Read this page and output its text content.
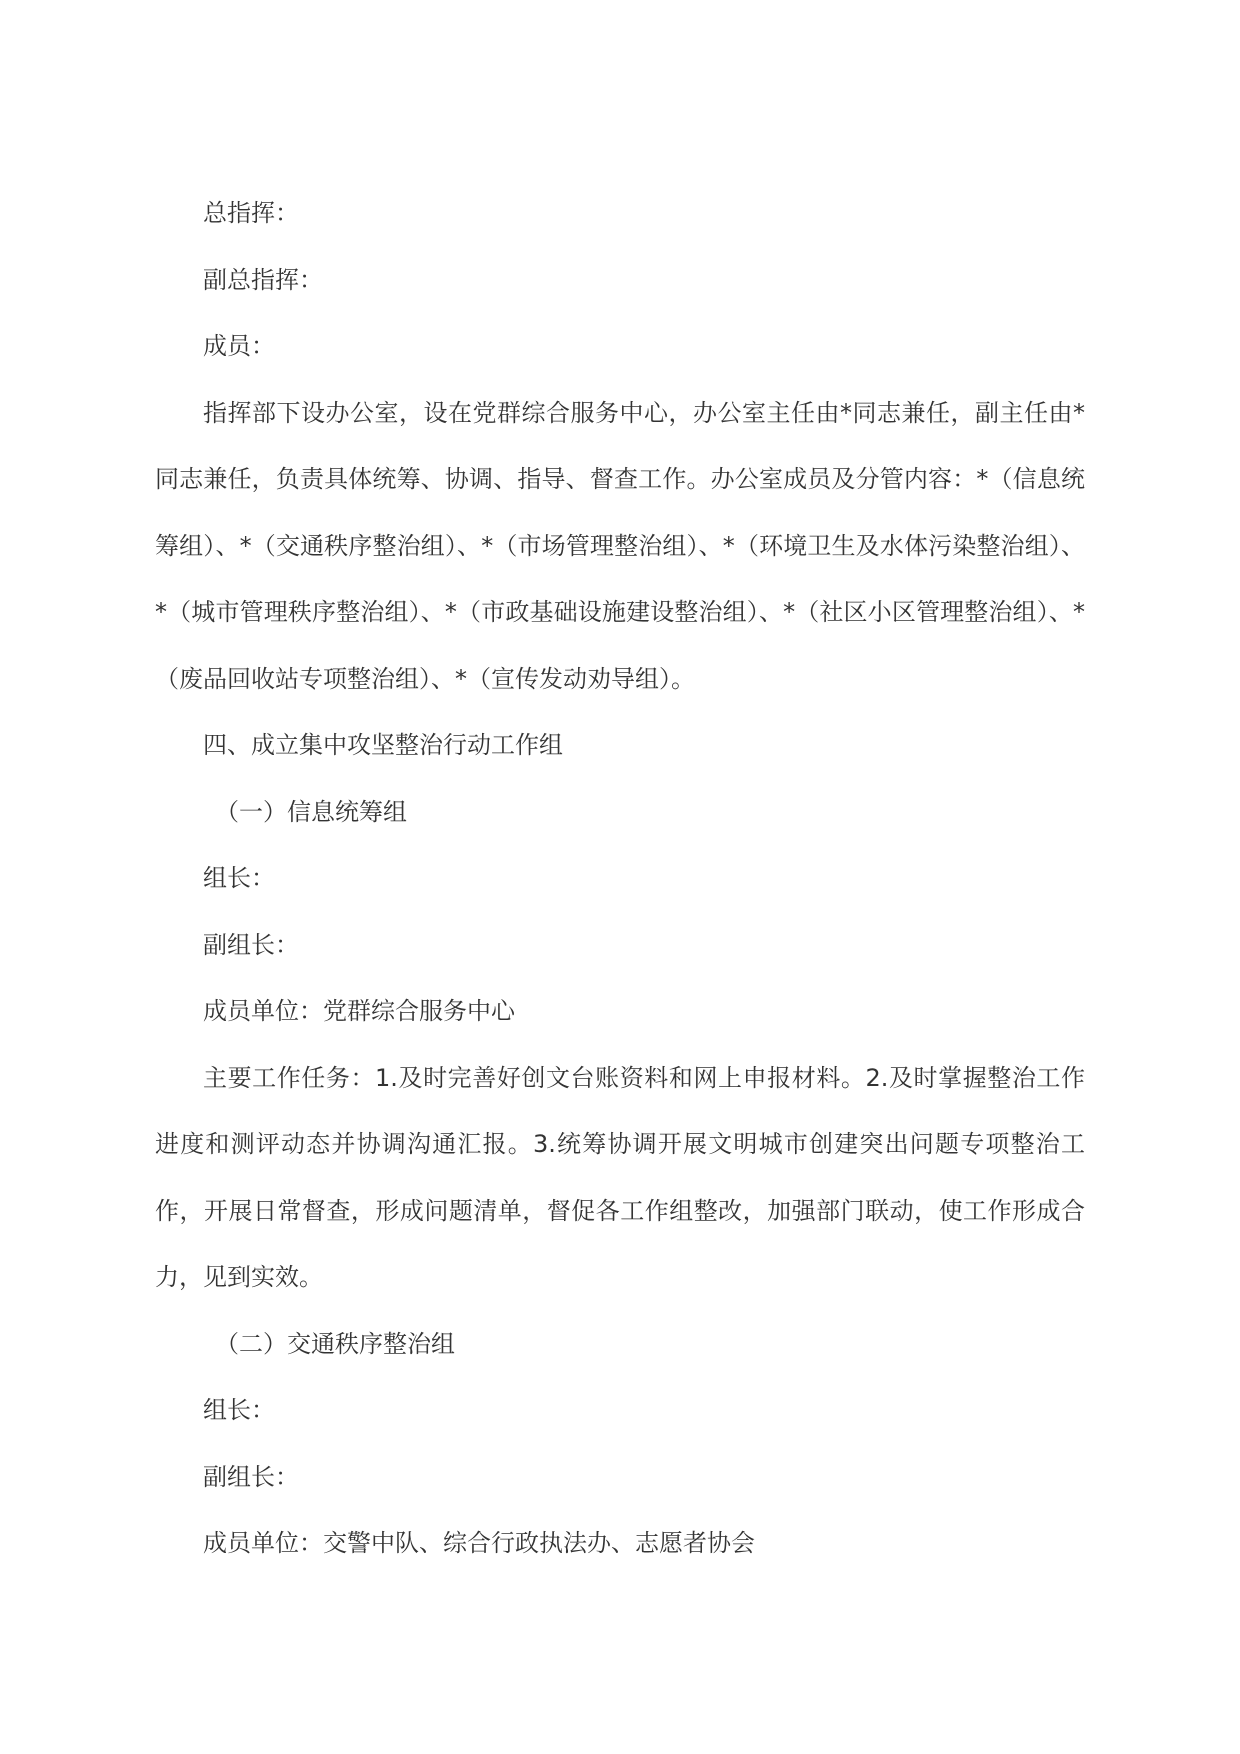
总指挥：

副总指挥：

成员：

指挥部下设办公室，设在党群综合服务中心，办公室主任由*同志兼任，副主任由*同志兼任，负责具体统筹、协调、指导、督查工作。办公室成员及分管内容：*（信息统筹组）、*（交通秩序整治组）、*（市场管理整治组）、*（环境卫生及水体污染整治组）、*（城市管理秩序整治组）、*（市政基础设施建设整治组）、*（社区小区管理整治组）、*（废品回收站专项整治组）、*（宣传发动劝导组）。

四、成立集中攻坚整治行动工作组

（一）信息统筹组

组长：

副组长：

成员单位：党群综合服务中心

主要工作任务：1.及时完善好创文台账资料和网上申报材料。2.及时掌握整治工作进度和测评动态并协调沟通汇报。3.统筹协调开展文明城市创建突出问题专项整治工作，开展日常督查，形成问题清单，督促各工作组整改，加强部门联动，使工作形成合力，见到实效。

（二）交通秩序整治组

组长：

副组长：

成员单位：交警中队、综合行政执法办、志愿者协会
